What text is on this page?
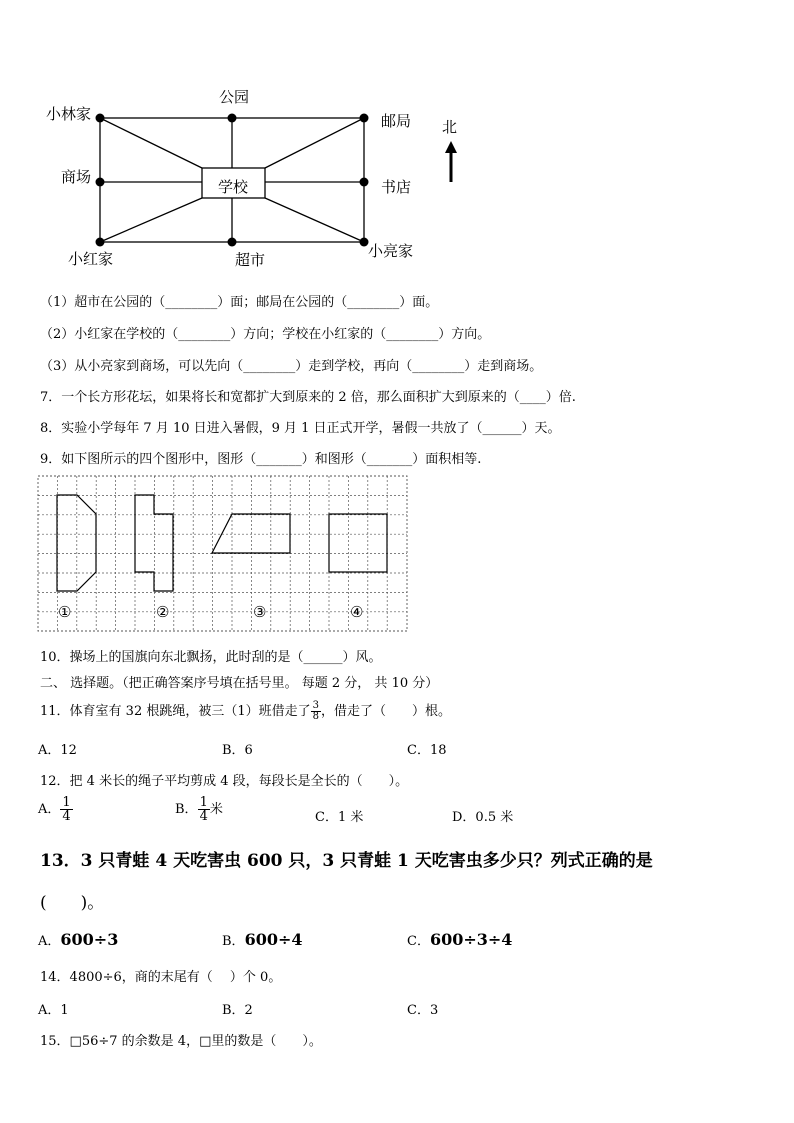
小林家
公园
邮局
商场
学校	书店
小红家	超市	小亮家
北
（1）超市在公园的（________）面；邮局在公园的（________）面。
（2）小红家在学校的（________）方向；学校在小红家的（________）方向。
（3）从小亮家到商场，可以先向（________）走到学校，再向（________）走到商场。
7．一个长方形花坛，如果将长和宽都扩大到原来的 2 倍，那么面积扩大到原来的（____）倍.
8．实验小学每年 7 月 10 日进入暑假，9 月 1 日正式开学，暑假一共放了（______）天。
9．如下图所示的四个图形中，图形（_______）和图形（_______）面积相等.
①	②	③	④
10．操场上的国旗向东北飘扬，此时刮的是（______）风。
二、 选择题。（把正确答案序号填在括号里。 每题 2 分， 共 10 分）
11．体育室有 32 根跳绳，被三（1）班借走了 $\frac{3}{8}$ ，借走了（　　）根。
A．12	B．6	C．18
12．把 4 米长的绳子平均剪成 4 段，每段长是全长的（　　）。
A． $\frac{1}{4}$	B． $\frac{1}{4}$ 米
C．1 米	D．0.5 米
13．3 只青蛙 4 天吃害虫 600 只，3 只青蛙 1 天吃害虫多少只？列式正确的是
(　　)。
A．600÷3	B．600÷4	C．600÷3÷4
14．4800÷6，商的末尾有（　 ）个 0。
A．1	B．2	C．3
15．□56÷7 的余数是 4，□里的数是（　　）。
